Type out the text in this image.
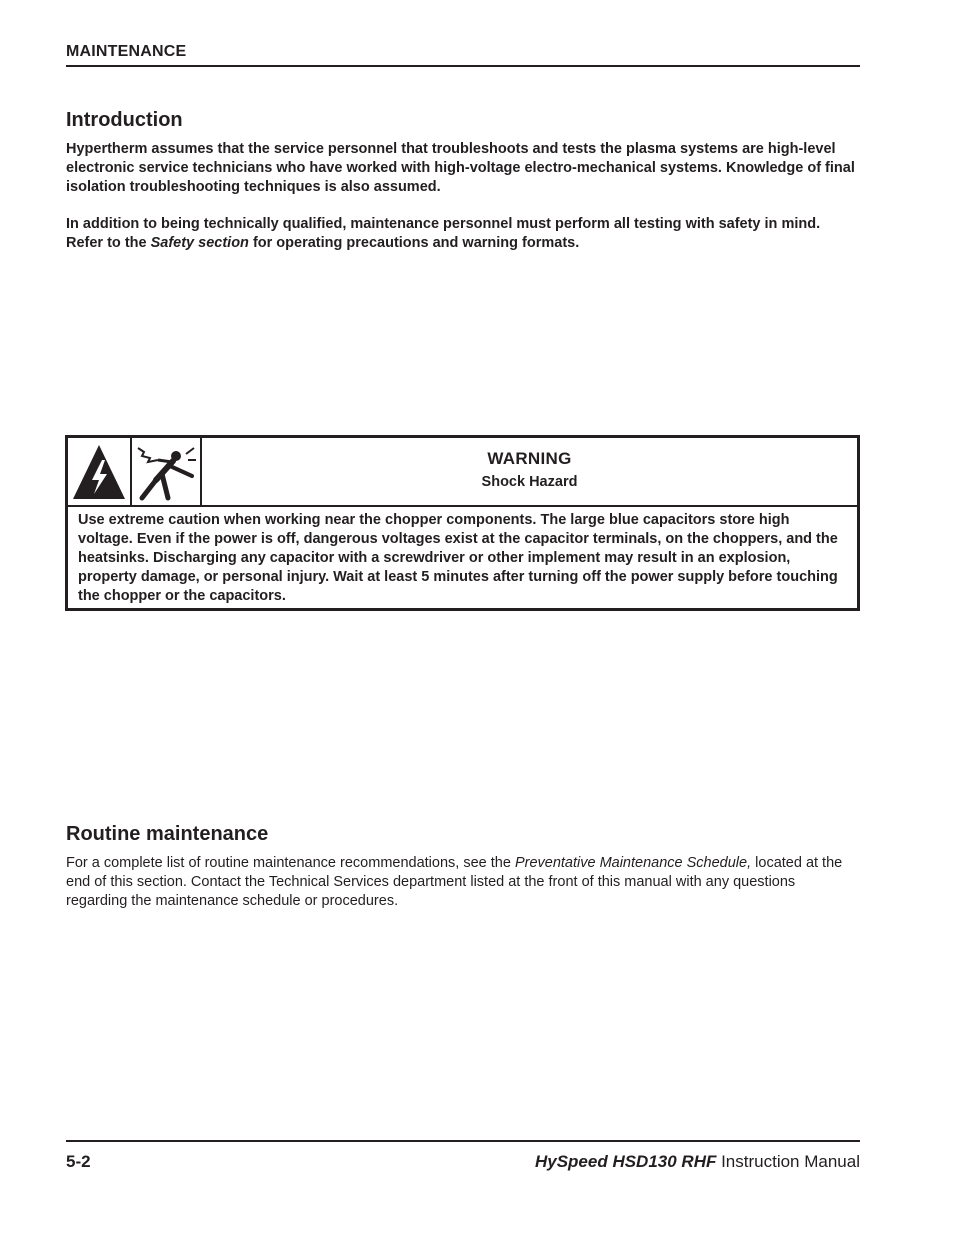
MAINTENANCE
Introduction

Hypertherm assumes that the service personnel that troubleshoots and tests the plasma systems are high-level electronic service technicians who have worked with high-voltage electro-mechanical systems. Knowledge of final isolation troubleshooting techniques is also assumed.

In addition to being technically qualified, maintenance personnel must perform all testing with safety in mind. Refer to the Safety section for operating precautions and warning formats.

WARNING
Shock Hazard
Use extreme caution when working near the chopper components. The large blue capacitors store high voltage. Even if the power is off, dangerous voltages exist at the capacitor terminals, on the choppers, and the heatsinks. Discharging any capacitor with a screwdriver or other implement may result in an explosion, property damage, or personal injury. Wait at least 5 minutes after turning off the power supply before touching the chopper or the capacitors.
Routine maintenance

For a complete list of routine maintenance recommendations, see the Preventative Maintenance Schedule, located at the end of this section. Contact the Technical Services department listed at the front of this manual with any questions regarding the maintenance schedule or procedures.

5-2	HySpeed HSD130 RHF Instruction Manual
